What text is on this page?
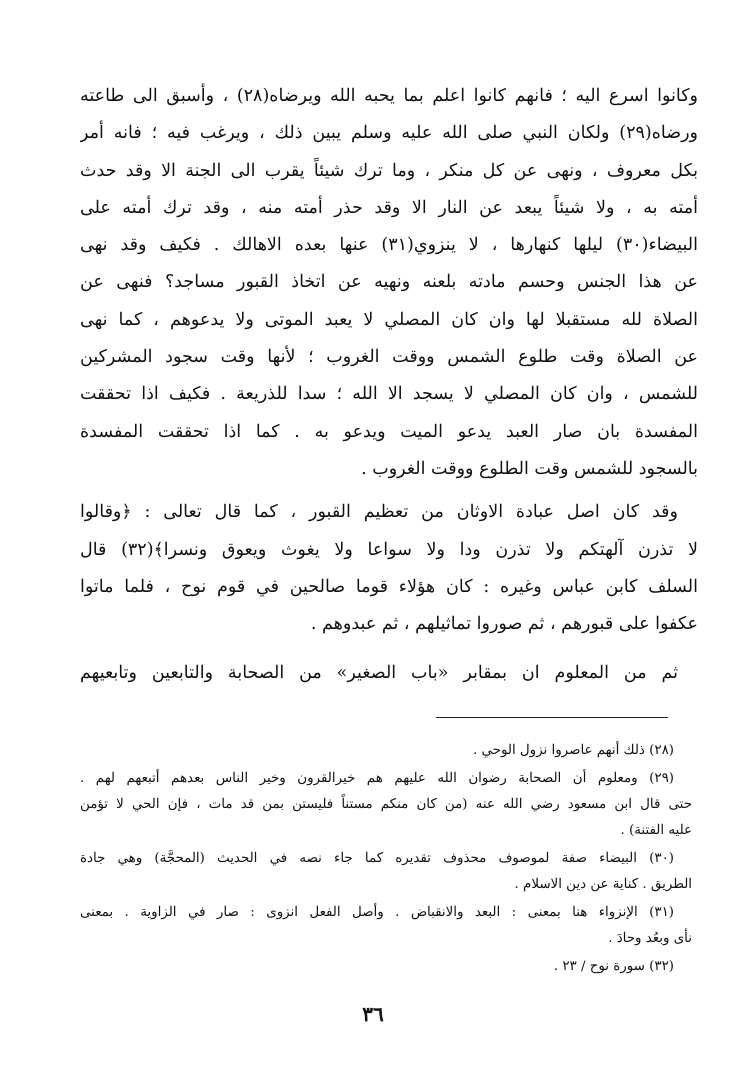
وكانوا اسرع اليه ؛ فانهم كانوا اعلم بما يحبه الله ويرضاه(٢٨) ، وأسبق الى طاعته
ورضاه(٢٩) ولكان النبي صلى الله عليه وسلم يبين ذلك ، ويرغب فيه ؛ فانه أمر
بكل معروف ، ونهى عن كل منكر ، وما ترك شيئاً يقرب الى الجنة الا وقد حدث
أمته به ، ولا شيئاً يبعد عن النار الا وقد حذر أمته منه ، وقد ترك أمته على
البيضاء(٣٠) ليلها كنهارها ، لا ينزوي(٣١) عنها بعده الاهالك . فكيف وقد نهى
عن هذا الجنس وحسم مادته بلعنه ونهيه عن اتخاذ القبور مساجد؟ فنهى عن
الصلاة لله مستقبلا لها وان كان المصلي لا يعبد الموتى ولا يدعوهم ، كما نهى
عن الصلاة وقت طلوع الشمس ووقت الغروب ؛ لأنها وقت سجود المشركين
للشمس ، وان كان المصلي لا يسجد الا الله ؛ سدا للذريعة . فكيف اذا تحققت
المفسدة بان صار العبد يدعو الميت ويدعو به . كما اذا تحققت المفسدة
بالسجود للشمس وقت الطلوع ووقت الغروب .

وقد كان اصل عبادة الاوثان من تعظيم القبور ، كما قال تعالى : ﴿وقالوا
لا تذرن آلهتكم ولا تذرن ودا ولا سواعا ولا يغوث ويعوق ونسرا﴾(٣٢) قال
السلف كابن عباس وغيره : كان هؤلاء قوما صالحين في قوم نوح ، فلما ماتوا
عكفوا على قبورهم ، ثم صوروا تماثيلهم ، ثم عبدوهم .

ثم من المعلوم ان بمقابر «باب الصغير» من الصحابة والتابعين وتابعيهم

(٢٨) ذلك أنهم عاصروا نزول الوحي .

(٢٩) ومعلوم أن الصحابة رضوان الله عليهم هم خيرالقرون وخير الناس بعدهم أتبعهم لهم .
حتى قال ابن مسعود رضي الله عنه (من كان منكم مستناً فليستن بمن قد مات ، فإن الحي لا تؤمن
عليه الفتنة) .

(٣٠) البيضاء صفة لموصوف محذوف تقديره كما جاء نصه في الحديث (المحجَّة) وهي جادة
الطريق . كناية عن دين الاسلام .

(٣١) الإنزواء هنا بمعنى : البعد والانقباض . وأصل الفعل انزوى : صار في الزاوية . بمعنى
نأى وبعُد وحادَ .

(٣٢) سورة نوح / ٢٣ .

٣٦
